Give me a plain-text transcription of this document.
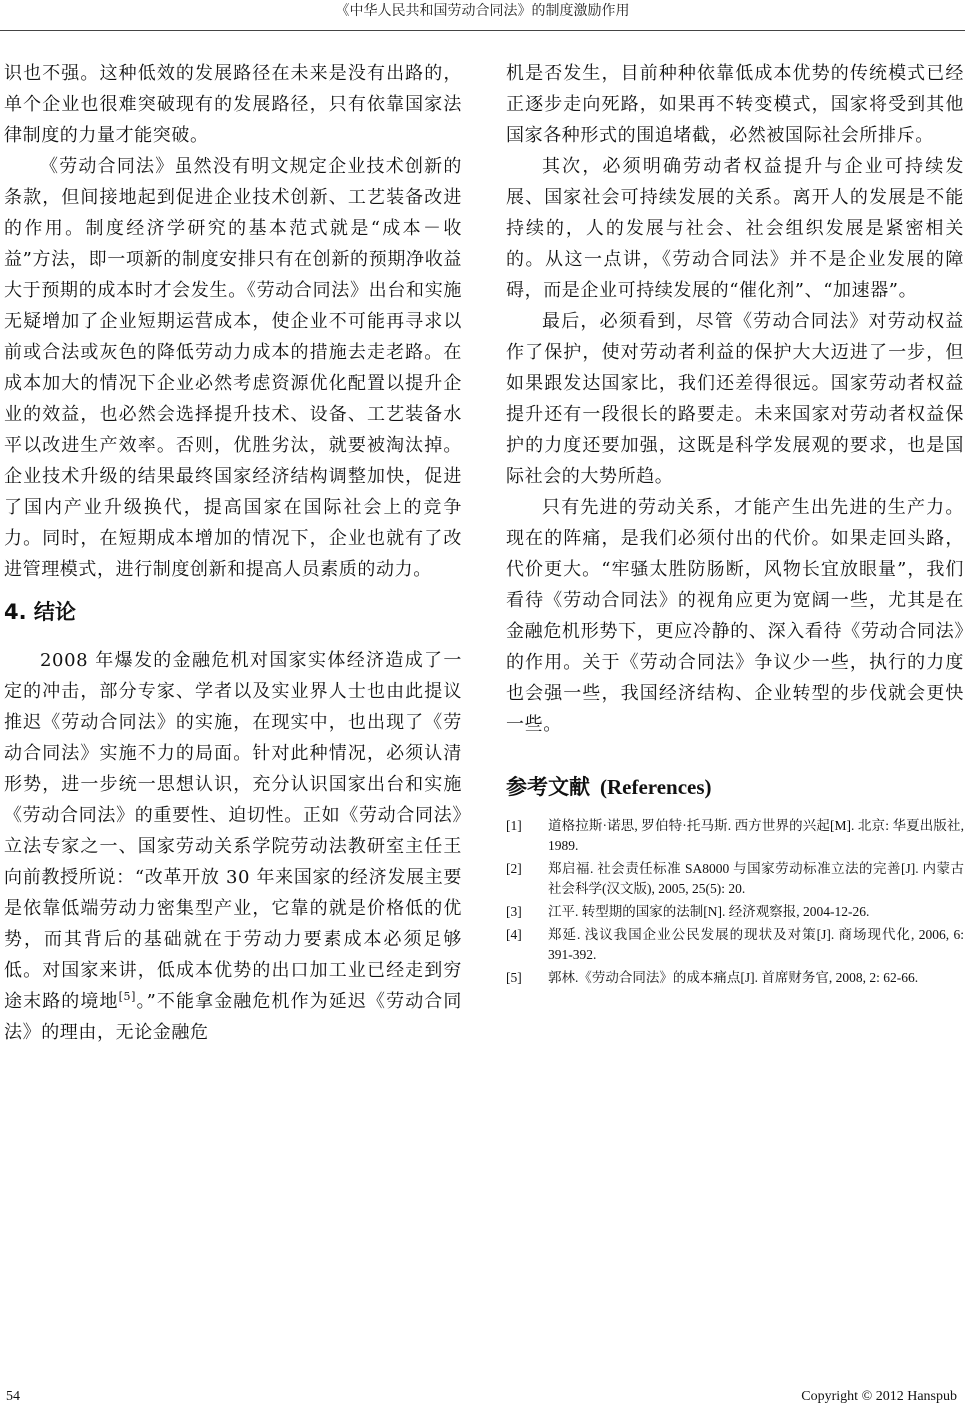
《中华人民共和国劳动合同法》的制度激励作用

识也不强。这种低效的发展路径在未来是没有出路的，单个企业也很难突破现有的发展路径，只有依靠国家法律制度的力量才能突破。

《劳动合同法》虽然没有明文规定企业技术创新的条款，但间接地起到促进企业技术创新、工艺装备改进的作用。制度经济学研究的基本范式就是“成本－收益”方法，即一项新的制度安排只有在创新的预期净收益大于预期的成本时才会发生。《劳动合同法》出台和实施无疑增加了企业短期运营成本，使企业不可能再寻求以前或合法或灰色的降低劳动力成本的措施去走老路。在成本加大的情况下企业必然考虑资源优化配置以提升企业的效益，也必然会选择提升技术、设备、工艺装备水平以改进生产效率。否则，优胜劣汰，就要被淘汰掉。企业技术升级的结果最终国家经济结构调整加快，促进了国内产业升级换代，提高国家在国际社会上的竞争力。同时，在短期成本增加的情况下，企业也就有了改进管理模式，进行制度创新和提高人员素质的动力。

4. 结论

2008 年爆发的金融危机对国家实体经济造成了一定的冲击，部分专家、学者以及实业界人士也由此提议推迟《劳动合同法》的实施，在现实中，也出现了《劳动合同法》实施不力的局面。针对此种情况，必须认清形势，进一步统一思想认识，充分认识国家出台和实施《劳动合同法》的重要性、迫切性。正如《劳动合同法》立法专家之一、国家劳动关系学院劳动法教研室主任王向前教授所说：“改革开放 30 年来国家的经济发展主要是依靠低端劳动力密集型产业，它靠的就是价格低的优势，而其背后的基础就在于劳动力要素成本必须足够低。对国家来讲，低成本优势的出口加工业已经走到穷途末路的境地[5]。”不能拿金融危机作为延迟《劳动合同法》的理由，无论金融危

机是否发生，目前种种依靠低成本优势的传统模式已经正逐步走向死路，如果再不转变模式，国家将受到其他国家各种形式的围追堵截，必然被国际社会所排斥。

其次，必须明确劳动者权益提升与企业可持续发展、国家社会可持续发展的关系。离开人的发展是不能持续的，人的发展与社会、社会组织发展是紧密相关的。从这一点讲，《劳动合同法》并不是企业发展的障碍，而是企业可持续发展的“催化剂”、“加速器”。

最后，必须看到，尽管《劳动合同法》对劳动权益作了保护，使对劳动者利益的保护大大迈进了一步，但如果跟发达国家比，我们还差得很远。国家劳动者权益提升还有一段很长的路要走。未来国家对劳动者权益保护的力度还要加强，这既是科学发展观的要求，也是国际社会的大势所趋。

只有先进的劳动关系，才能产生出先进的生产力。现在的阵痛，是我们必须付出的代价。如果走回头路，代价更大。“牢骚太胜防肠断，风物长宜放眼量”，我们看待《劳动合同法》的视角应更为宽阔一些，尤其是在金融危机形势下，更应冷静的、深入看待《劳动合同法》的作用。关于《劳动合同法》争议少一些，执行的力度也会强一些，我国经济结构、企业转型的步伐就会更快一些。

参考文献 (References)
[1] 道格拉斯·诺思, 罗伯特·托马斯. 西方世界的兴起[M]. 北京: 华夏出版社, 1989.
[2] 郑启福. 社会责任标准 SA8000 与国家劳动标准立法的完善[J]. 内蒙古社会科学(汉文版), 2005, 25(5): 20.
[3] 江平. 转型期的国家的法制[N]. 经济观察报, 2004-12-26.
[4] 郑延. 浅议我国企业公民发展的现状及对策[J]. 商场现代化, 2006, 6: 391-392.
[5] 郭林.《劳动合同法》的成本痛点[J]. 首席财务官, 2008, 2: 62-66.
54	Copyright © 2012 Hanspub
